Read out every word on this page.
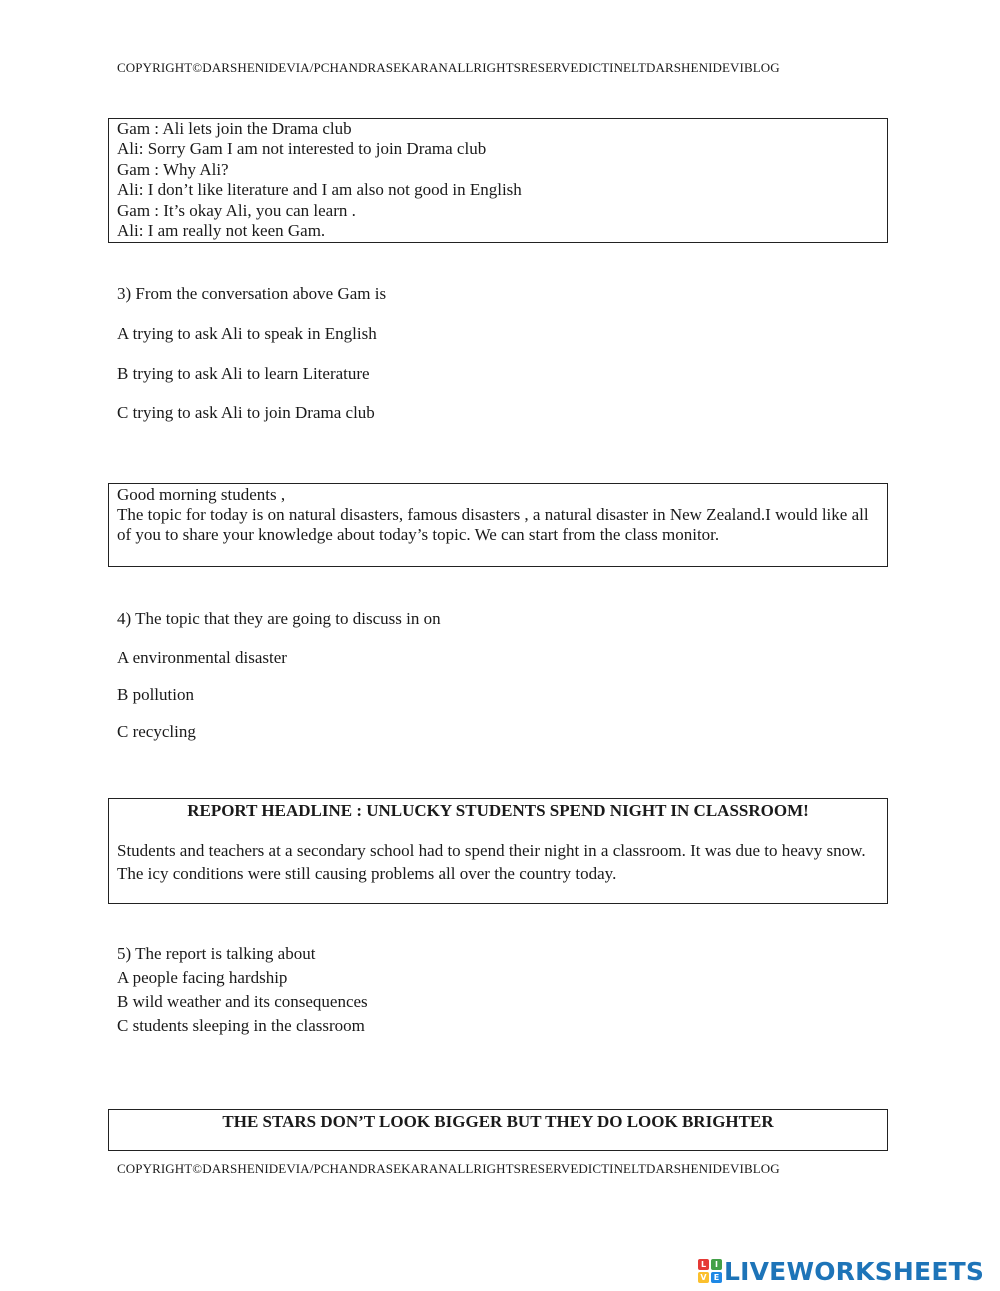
COPYRIGHT©DARSHENIDEVIA/PCHANDRASEKARANALLRIGHTSRESERVEDICTINELTDARSHENIDEVIBLOG
Gam : Ali lets join the Drama club
Ali: Sorry Gam I am not interested to join Drama club
Gam : Why Ali?
Ali: I don’t like literature and I am also not good in English
Gam : It’s okay Ali, you can learn .
Ali: I am really not keen Gam.
3) From the conversation above Gam is
A trying to ask Ali to speak in English
B trying to ask Ali to learn Literature
C trying to ask Ali to join Drama club
Good morning students ,
The topic for today is on natural disasters, famous disasters , a natural disaster in New Zealand.I would like all of you to share your knowledge about today’s topic. We can start from the class monitor.
4) The topic that they are going to discuss in on
A environmental disaster
B pollution
C recycling
REPORT HEADLINE : UNLUCKY STUDENTS SPEND NIGHT IN CLASSROOM!
Students and teachers at a secondary school had to spend their night in a classroom. It was due to heavy snow. The icy conditions were still causing problems all over the country today.
5) The report is talking about
A people facing hardship
B wild weather and its consequences
C students sleeping in the classroom
THE STARS DON’T LOOK BIGGER BUT THEY DO LOOK BRIGHTER
COPYRIGHT©DARSHENIDEVIA/PCHANDRASEKARANALLRIGHTSRESERVEDICTINELTDARSHENIDEVIBLOG
L	I
V E LIVEWORKSHEETS
